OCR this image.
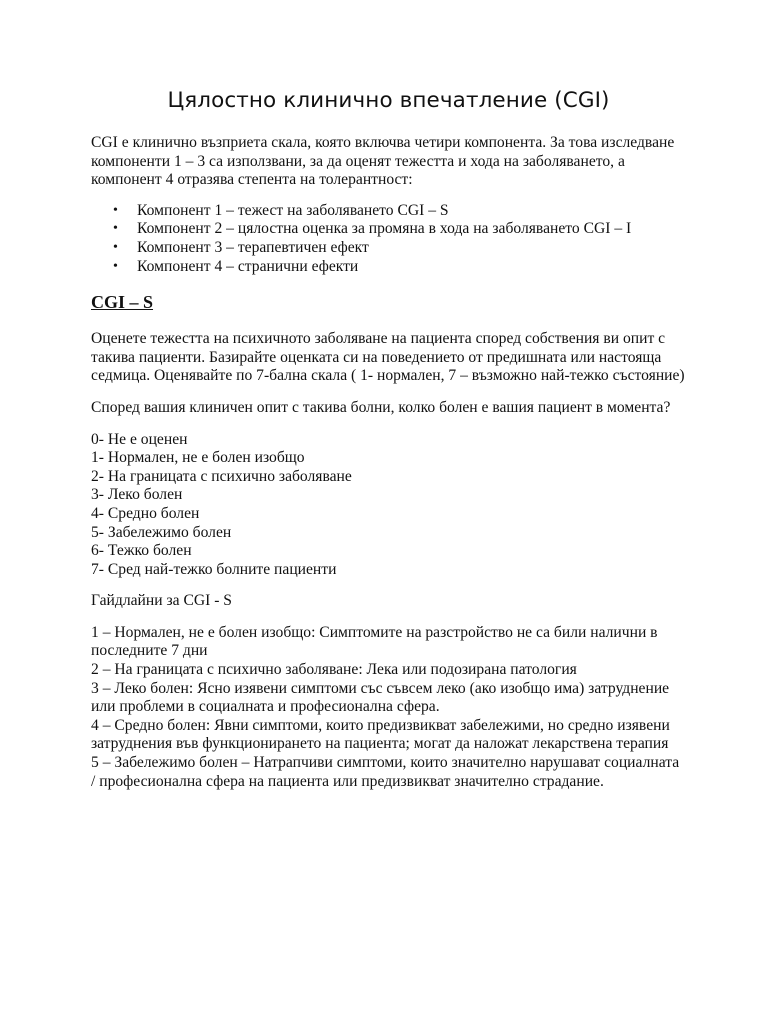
Цялостно клинично впечатление (CGI)

CGI е клинично възприета скала, която включва четири компонента. За това изследване компоненти 1 – 3 са използвани, за да оценят тежестта и хода на заболяването, а компонент 4 отразява степента на толерантност:

• Компонент 1 – тежест на заболяването CGI – S
• Компонент 2 – цялостна оценка за промяна в хода на заболяването CGI – I
• Компонент 3 – терапевтичен ефект
• Компонент 4 – странични ефекти
CGI – S

Оценете тежестта на психичното заболяване на пациента според собствения ви опит с такива пациенти. Базирайте оценката си на поведението от предишната или настояща седмица. Оценявайте по 7-бална скала ( 1- нормален, 7 – възможно най-тежко състояние)

Според вашия клиничен опит с такива болни, колко болен е вашия пациент в момента?

0- Не е оценен
1- Нормален, не е болен изобщо
2- На границата с психично заболяване
3- Леко болен
4- Средно болен
5- Забележимо болен
6- Тежко болен
7- Сред най-тежко болните пациенти

Гайдлайни за CGI - S

1 – Нормален, не е болен изобщо: Симптомите на разстройство не са били налични в последните 7 дни

2 – На границата с психично заболяване: Лека или подозирана патология

3 – Леко болен: Ясно изявени симптоми със съвсем леко (ако изобщо има) затруднение или проблеми в социалната и професионална сфера.

4 – Средно болен: Явни симптоми, които предизвикват забележими, но средно изявени затруднения във функционирането на пациента; могат да наложат лекарствена терапия

5 – Забележимо болен – Натрапчиви симптоми, които значително нарушават социалната / професионална сфера на пациента или предизвикват значително страдание.
